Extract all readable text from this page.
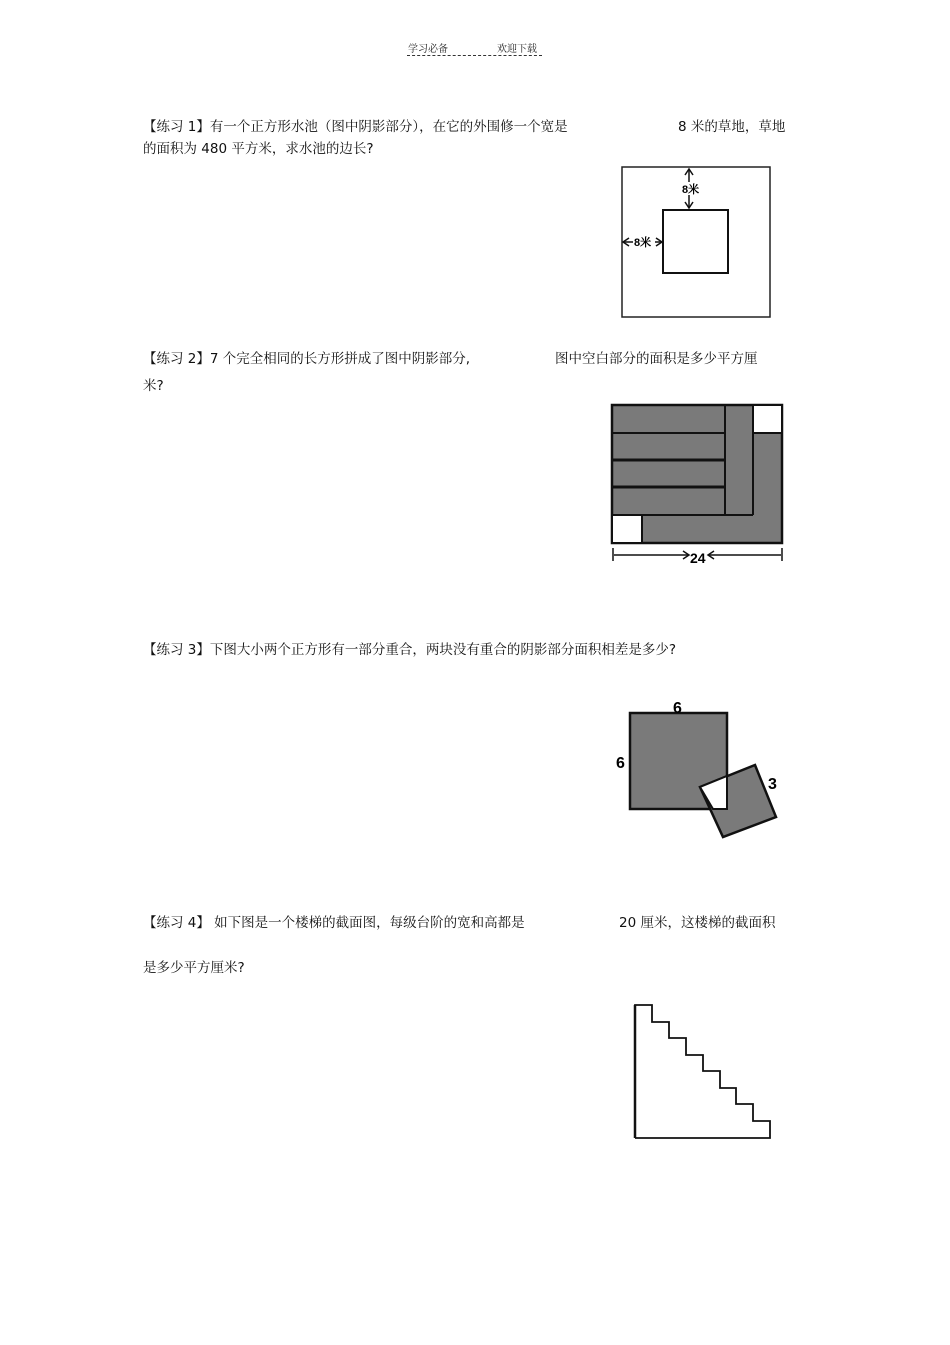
学习必备	欢迎下载
【练习 1】有一个正方形水池（图中阴影部分），在它的外围修一个宽是	8 米的草地，草地
的面积为 480 平方米，求水池的边长?
8米
8米
【练习 2】7 个完全相同的长方形拼成了图中阴影部分,	图中空白部分的面积是多少平方厘
米?
24
【练习 3】下图大小两个正方形有一部分重合，两块没有重合的阴影部分面积相差是多少?
6
6
3
【练习 4】 如下图是一个楼梯的截面图，每级台阶的宽和高都是	20 厘米，这楼梯的截面积
是多少平方厘米?
